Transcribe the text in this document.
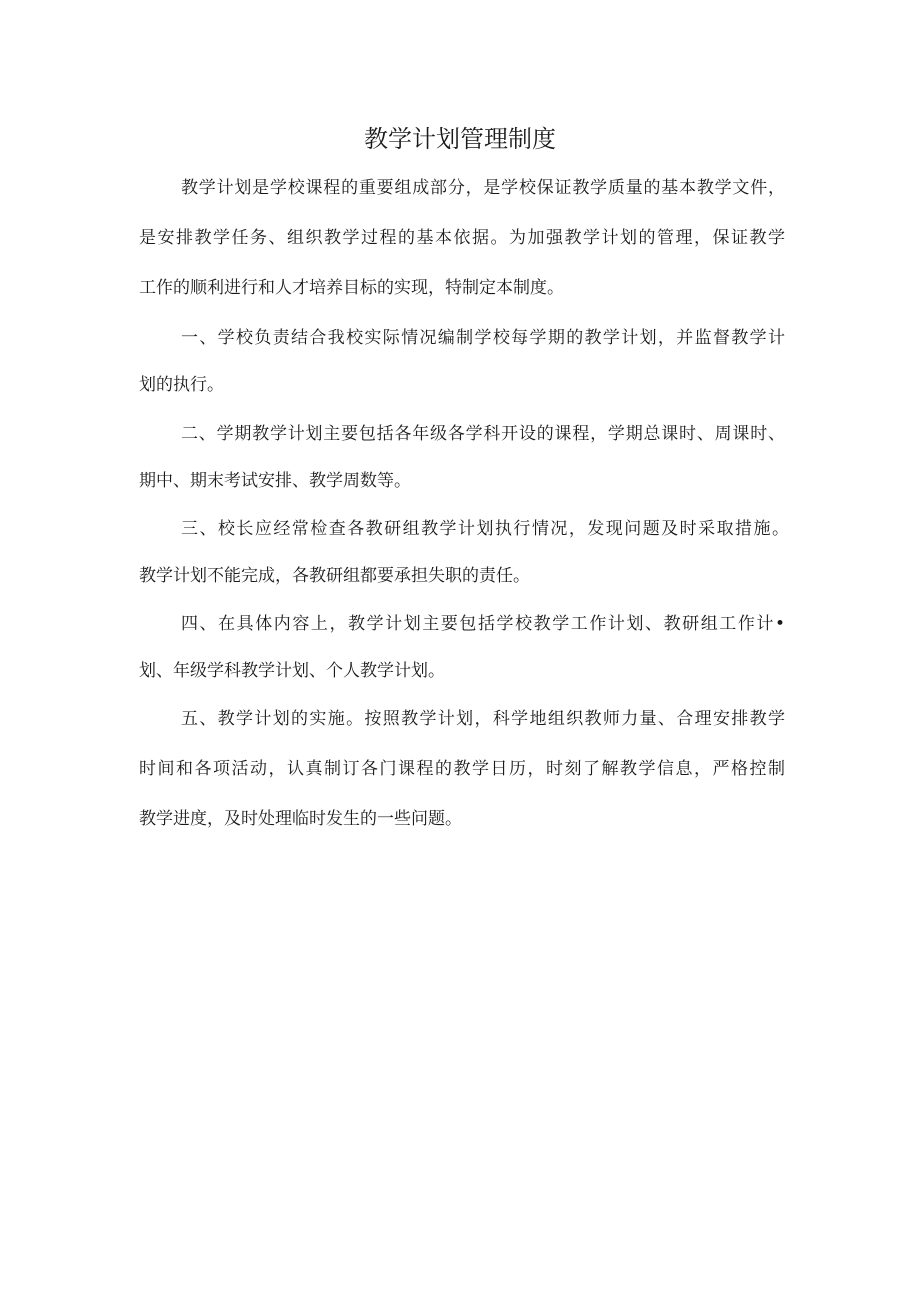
教学计划管理制度
教学计划是学校课程的重要组成部分，是学校保证教学质量的基本教学文件，
是安排教学任务、组织教学过程的基本依据。为加强教学计划的管理，保证教学
工作的顺利进行和人才培养目标的实现，特制定本制度。
一、学校负责结合我校实际情况编制学校每学期的教学计划，并监督教学计
划的执行。
二、学期教学计划主要包括各年级各学科开设的课程，学期总课时、周课时、
期中、期末考试安排、教学周数等。
三、校长应经常检查各教研组教学计划执行情况，发现问题及时采取措施。
教学计划不能完成，各教研组都要承担失职的责任。
四、在具体内容上，教学计划主要包括学校教学工作计划、教研组工作计•
划、年级学科教学计划、个人教学计划。
五、教学计划的实施。按照教学计划，科学地组织教师力量、合理安排教学
时间和各项活动，认真制订各门课程的教学日历，时刻了解教学信息，严格控制
教学进度，及时处理临时发生的一些问题。
